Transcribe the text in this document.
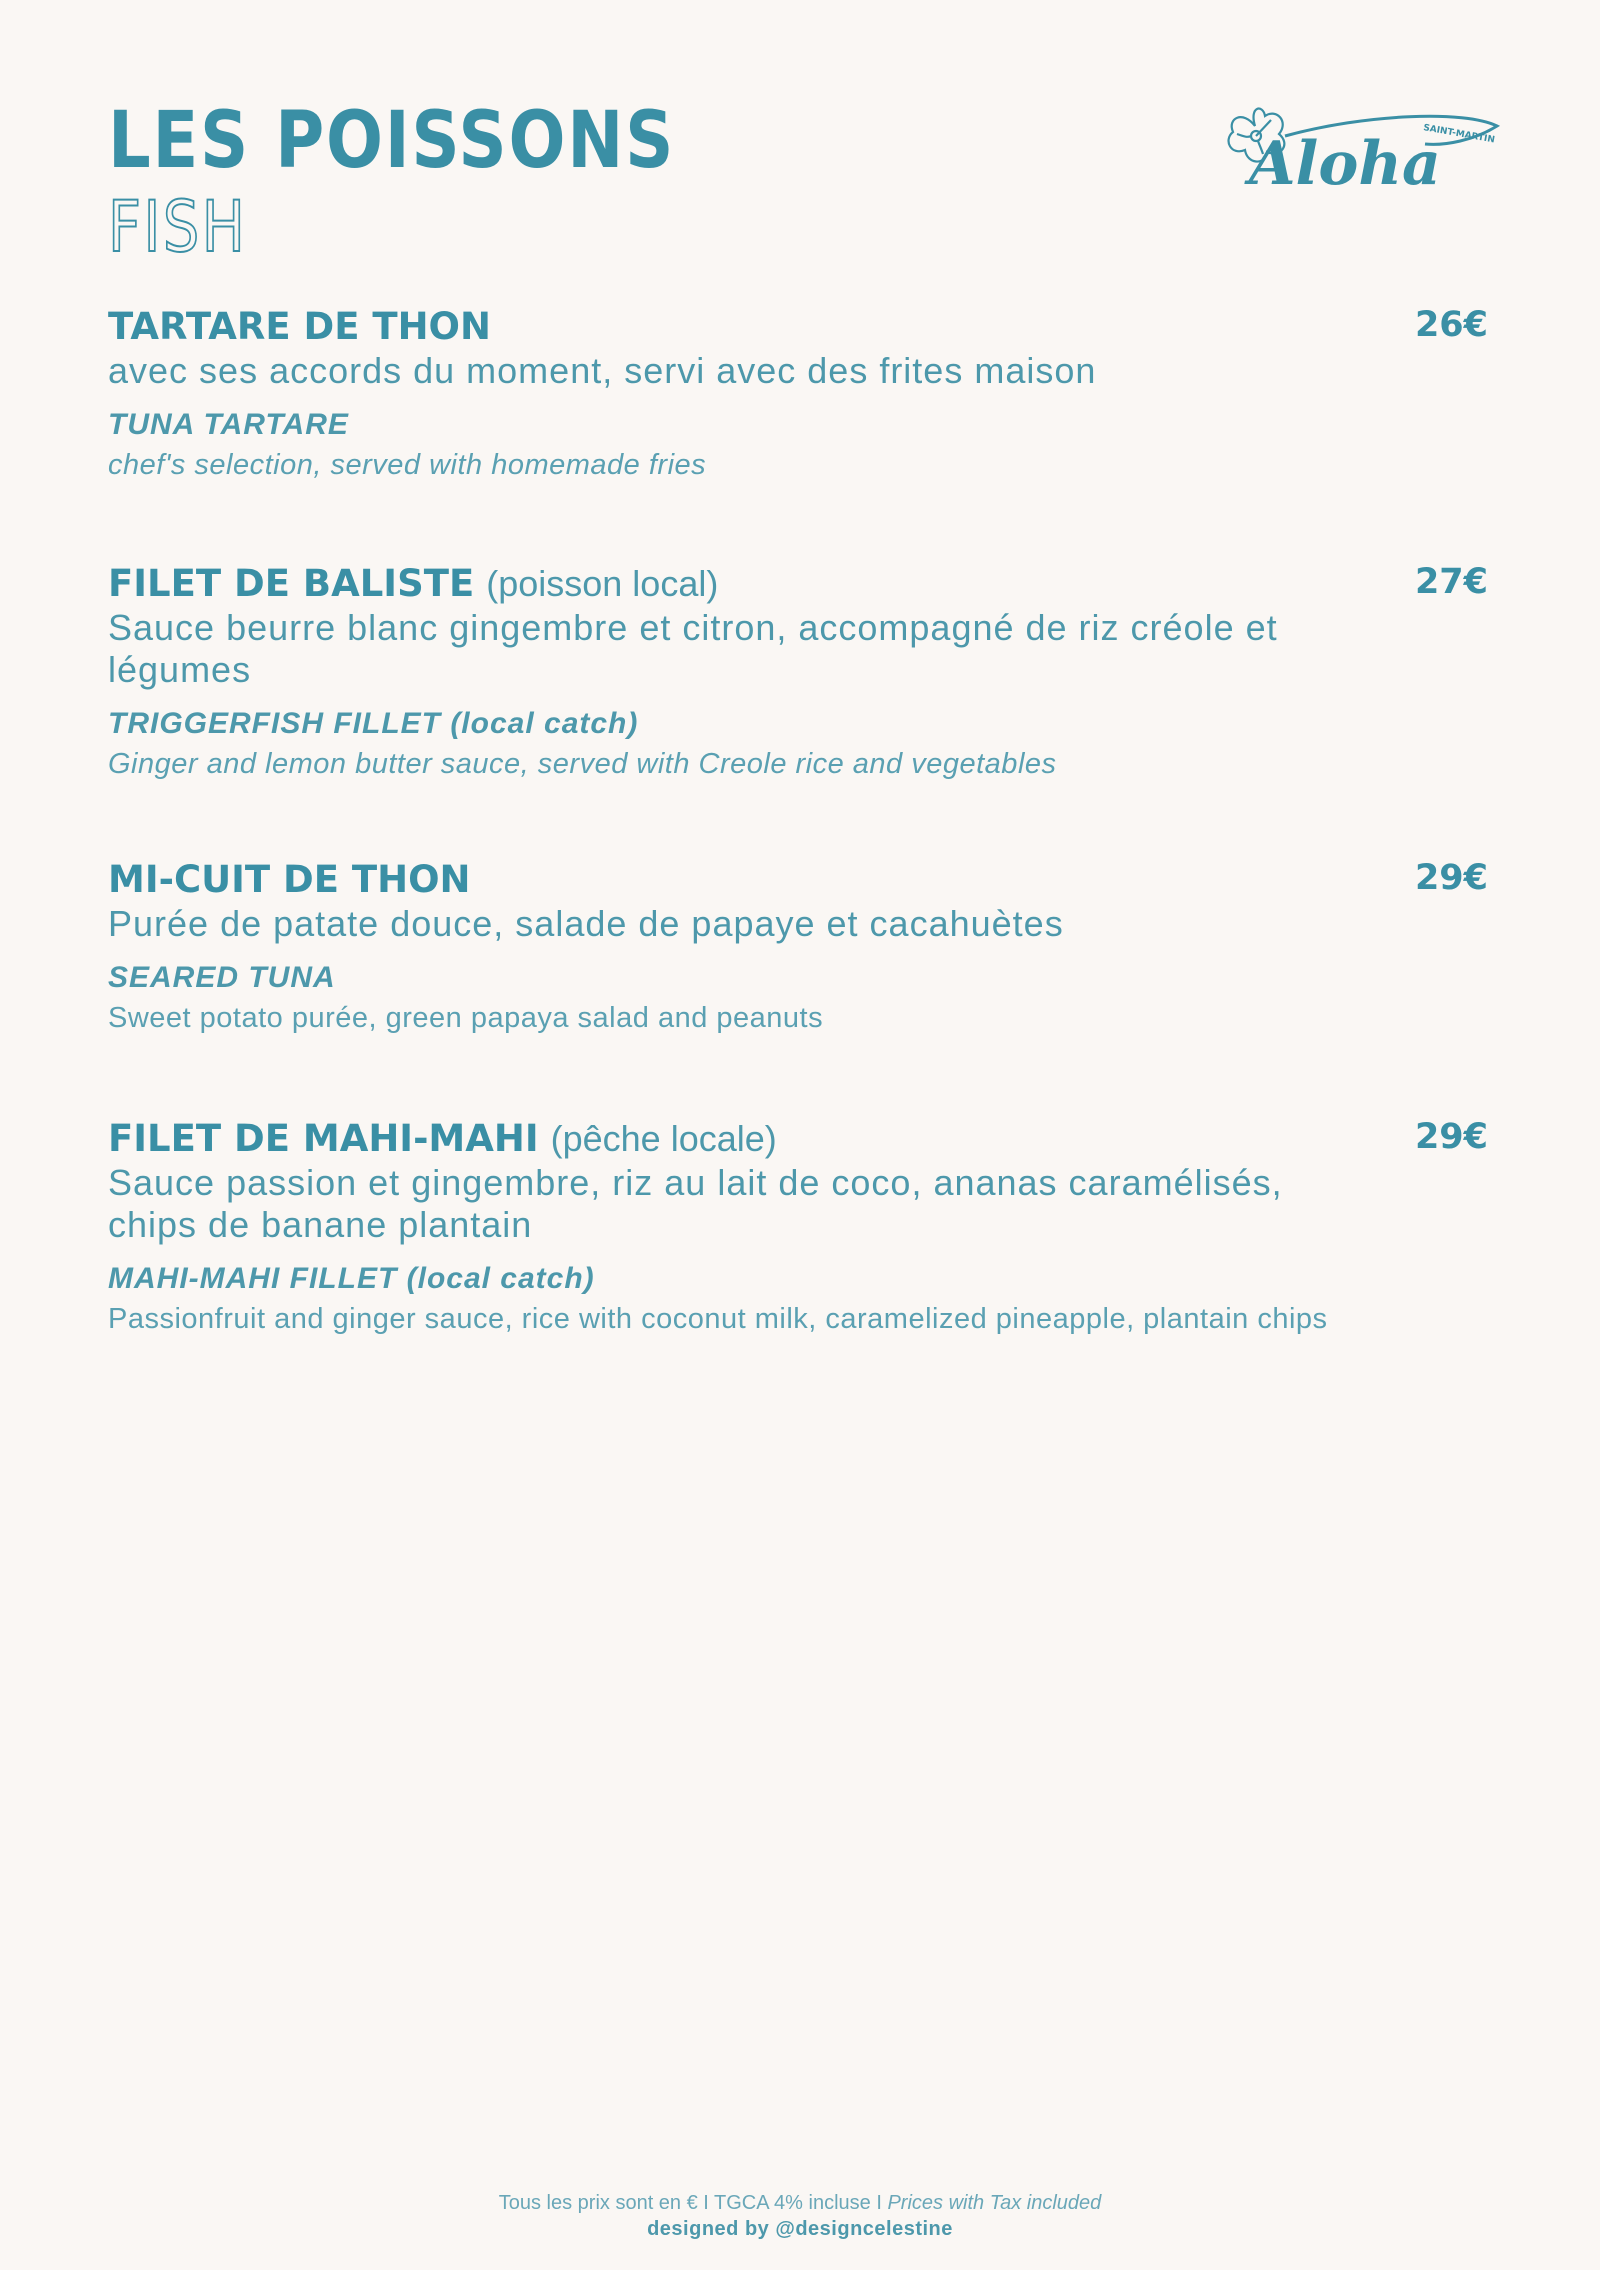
LES POISSONS
FISH
SAINT-MARTIN
Aloha
TARTARE DE THON	26€
avec ses accords du moment, servi avec des frites maison
TUNA TARTARE
chef's selection, served with homemade fries
FILET DE BALISTE (poisson local)	27€
Sauce beurre blanc gingembre et citron, accompagné de riz créole et légumes
TRIGGERFISH FILLET (local catch)
Ginger and lemon butter sauce, served with Creole rice and vegetables
MI-CUIT DE THON	29€
Purée de patate douce, salade de papaye et cacahuètes
SEARED TUNA
Sweet potato purée, green papaya salad and peanuts
FILET DE MAHI-MAHI (pêche locale)	29€
Sauce passion et gingembre, riz au lait de coco, ananas caramélisés, chips de banane plantain
MAHI-MAHI FILLET (local catch)
Passionfruit and ginger sauce, rice with coconut milk, caramelized pineapple, plantain chips
Tous les prix sont en € I TGCA 4% incluse I Prices with Tax included
designed by @designcelestine
